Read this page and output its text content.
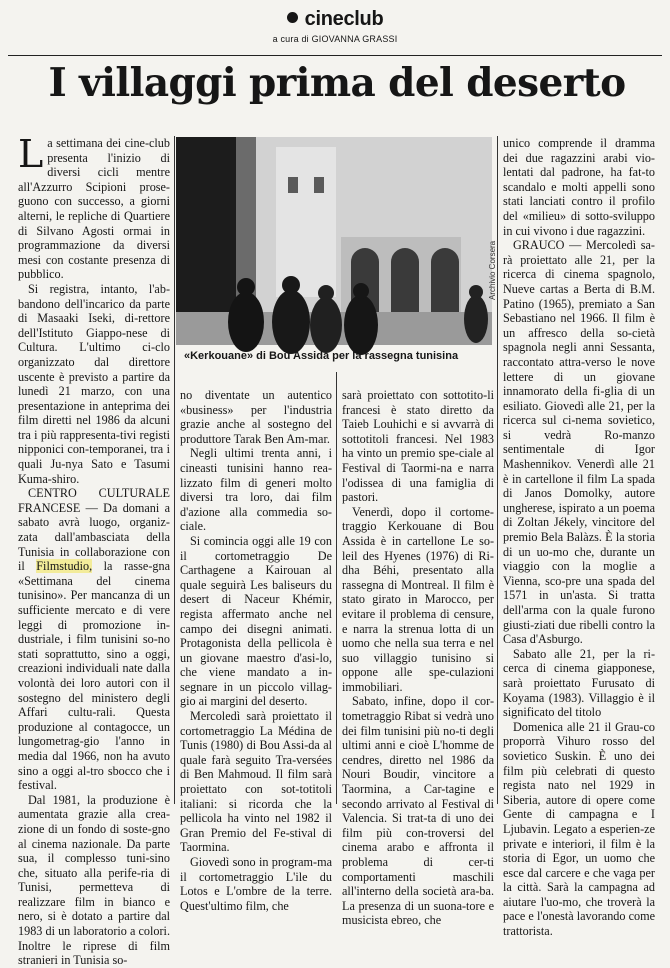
cineclub
a cura di GIOVANNA GRASSI
I villaggi prima del deserto

La settimana dei cine-club presenta l'inizio di diversi cicli mentre all'Azzurro Scipioni prose-guono con successo, a giorni alterni, le repliche di Quartiere di Silvano Agosti ormai in programmazione da diversi mesi con costante presenza di pubblico.

Si registra, intanto, l'ab-bandono dell'incarico da parte di Masaaki Iseki, di-rettore dell'Istituto Giappo-nese di Cultura. L'ultimo ci-clo organizzato dal direttore uscente è previsto a partire da lunedì 21 marzo, con una presentazione in anteprima dei film diretti nel 1986 da alcuni tra i più rappresenta-tivi registi nipponici con-temporanei, tra i quali Ju-nya Sato e Tasumi Kuma-shiro.

CENTRO CULTURALE FRANCESE — Da domani a sabato avrà luogo, organiz-zata dall'ambasciata della Tunisia in collaborazione con il Filmstudio, la rasse-gna «Settimana del cinema tunisino». Per mancanza di un sufficiente mercato e di vere leggi di promozione in-dustriale, i film tunisini so-no stati soprattutto, sino a oggi, creazioni individuali nate dalla volontà dei loro autori con il sostegno del ministero degli Affari cultu-rali. Questa produzione al contagocce, un lungometrag-gio l'anno in media dal 1966, non ha avuto sino a oggi al-tro sbocco che i festival.

Dal 1981, la produzione è aumentata grazie alla crea-zione di un fondo di soste-gno al cinema nazionale. Da parte sua, il complesso tuni-sino che, situato alla perife-ria di Tunisi, permetteva di realizzare film in bianco e nero, si è dotato a partire dal 1983 di un laboratorio a colori. Inoltre le riprese di film stranieri in Tunisia so-

Archivio Corsera
«Kerkouane» di Bou Assida per la rassegna tunisina

no diventate un autentico «business» per l'industria grazie anche al sostegno del produttore Tarak Ben Am-mar.

Negli ultimi trenta anni, i cineasti tunisini hanno rea-lizzato film di generi molto diversi tra loro, dai film d'azione alla commedia so-ciale.

Si comincia oggi alle 19 con il cortometraggio De Carthagene a Kairouan al quale seguirà Les baliseurs du desert di Naceur Khémir, regista affermato anche nel campo dei disegni animati. Protagonista della pellicola è un giovane maestro d'asi-lo, che viene mandato a in-segnare in un piccolo villag-gio ai margini del deserto.

Mercoledì sarà proiettato il cortometraggio La Médina de Tunis (1980) di Bou Assi-da al quale farà seguito Tra-versées di Ben Mahmoud. Il film sarà proiettato con sot-totitoli italiani: si ricorda che la pellicola ha vinto nel 1982 il Gran Premio del Fe-stival di Taormina.

Giovedì sono in program-ma il cortometraggio L'ile du Lotos e L'ombre de la terre. Quest'ultimo film, che

sarà proiettato con sottotito-li francesi è stato diretto da Taieb Louhichi e si avvarrà di sottotitoli francesi. Nel 1983 ha vinto un premio spe-ciale al Festival di Taormi-na e narra l'odissea di una famiglia di pastori.

Venerdì, dopo il cortome-traggio Kerkouane di Bou Assida è in cartellone Le so-leil des Hyenes (1976) di Ri-dha Béhi, presentato alla rassegna di Montreal. Il film è stato girato in Marocco, per evitare il problema di censure, e narra la strenua lotta di un uomo che nella sua terra e nel suo villaggio tunisino si oppone alle spe-culazioni immobiliari.

Sabato, infine, dopo il cor-tometraggio Ribat si vedrà uno dei film tunisini più no-ti degli ultimi anni e cioè L'homme de cendres, diretto nel 1986 da Nouri Boudir, vincitore a Taormina, a Car-tagine e secondo arrivato al Festival di Valencia. Si trat-ta di uno dei film più con-troversi del cinema arabo e affronta il problema di cer-ti comportamenti maschili all'interno della società ara-ba. La presenza di un suona-tore e musicista ebreo, che

unico comprende il dramma dei due ragazzini arabi vio-lentati dal padrone, ha fat-to scandalo e molti appelli sono stati lanciati contro il profilo del «milieu» di sotto-sviluppo in cui vivono i due ragazzini.

GRAUCO — Mercoledì sa-rà proiettato alle 21, per la ricerca di cinema spagnolo, Nueve cartas a Berta di B.M. Patino (1965), premiato a San Sebastiano nel 1966. Il film è un affresco della so-cietà spagnola negli anni Sessanta, raccontato attra-verso le nove lettere di un giovane innamorato della fi-glia di un esiliato. Giovedì alle 21, per la ricerca sul ci-nema sovietico, si vedrà Ro-manzo sentimentale di Igor Mashennikov. Venerdì alle 21 è in cartellone il film La spada di Janos Domolky, autore ungherese, ispirato a un poema di Zoltan Jékely, vincitore del premio Bela Balàzs. È la storia di un uo-mo che, durante un viaggio con la moglie a Vienna, sco-pre una spada del 1571 in un'asta. Si tratta dell'arma con la quale furono giusti-ziati due ribelli contro la Casa d'Asburgo.

Sabato alle 21, per la ri-cerca di cinema giapponese, sarà proiettato Furusato di Koyama (1983). Villaggio è il significato del titolo

Domenica alle 21 il Grau-co proporrà Vihuro rosso del sovietico Suskin. È uno dei film più celebrati di questo regista nato nel 1929 in Siberia, autore di opere come Gente di campagna e I Ljubavin. Legato a esperien-ze private e interiori, il film è la storia di Egor, un uomo che esce dal carcere e che vaga per la città. Sarà la campagna ad aiutare l'uo-mo, che troverà la pace e l'onestà lavorando come trattorista.
